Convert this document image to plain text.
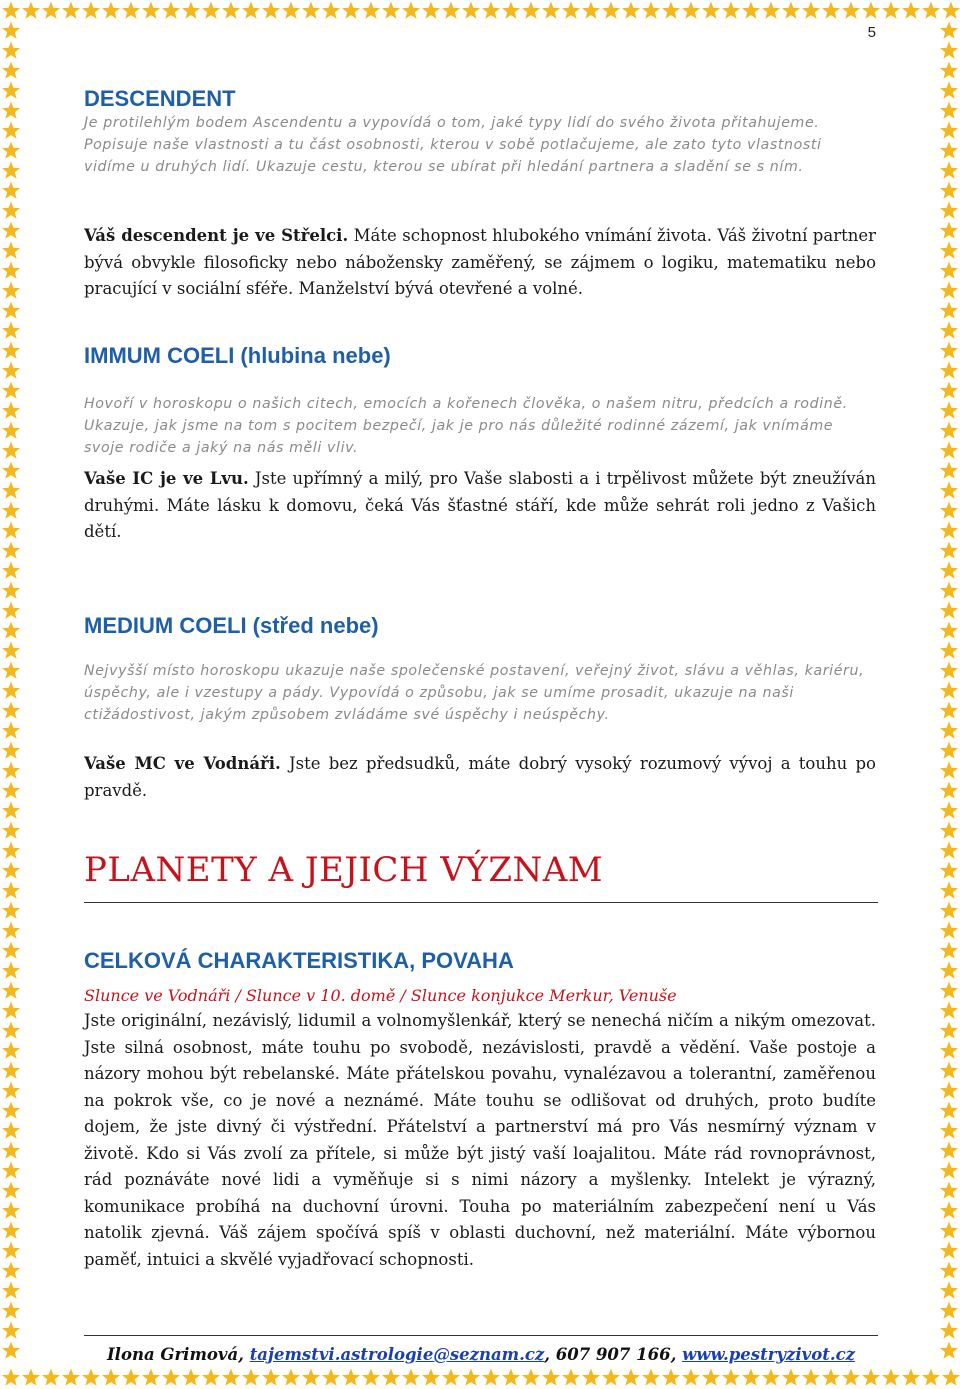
5
DESCENDENT

Je protilehlým bodem Ascendentu a vypovídá o tom, jaké typy lidí do svého života přitahujeme. Popisuje naše vlastnosti a tu část osobnosti, kterou v sobě potlačujeme, ale zato tyto vlastnosti vidíme u druhých lidí. Ukazuje cestu, kterou se ubírat při hledání partnera a sladění se s ním.

Váš descendent je ve Střelci. Máte schopnost hlubokého vnímání života. Váš životní partner bývá obvykle filosoficky nebo nábožensky zaměřený, se zájmem o logiku, matematiku nebo pracující v sociální sféře. Manželství bývá otevřené a volné.

IMMUM COELI (hlubina nebe)

Hovoří v horoskopu o našich citech, emocích a kořenech člověka, o našem nitru, předcích a rodině. Ukazuje, jak jsme na tom s pocitem bezpečí, jak je pro nás důležité rodinné zázemí, jak vnímáme svoje rodiče a jaký na nás měli vliv.

Vaše IC je ve Lvu. Jste upřímný a milý, pro Vaše slabosti a i trpělivost můžete být zneužíván druhými. Máte lásku k domovu, čeká Vás šťastné stáří, kde může sehrát roli jedno z Vašich dětí.

MEDIUM COELI (střed nebe)

Nejvyšší místo horoskopu ukazuje naše společenské postavení, veřejný život, slávu a věhlas, kariéru, úspěchy, ale i vzestupy a pády. Vypovídá o způsobu, jak se umíme prosadit, ukazuje na naši ctižádostivost, jakým způsobem zvládáme své úspěchy i neúspěchy.

Vaše MC ve Vodnáři. Jste bez předsudků, máte dobrý vysoký rozumový vývoj a touhu po pravdě.

PLANETY A JEJICH VÝZNAM
CELKOVÁ CHARAKTERISTIKA, POVAHA

Slunce ve Vodnáři / Slunce v 10. domě / Slunce konjukce Merkur, Venuše

Jste originální, nezávislý, lidumil a volnomyšlenkář, který se nenechá ničím a nikým omezovat. Jste silná osobnost, máte touhu po svobodě, nezávislosti, pravdě a vědění. Vaše postoje a názory mohou být rebelanské. Máte přátelskou povahu, vynalézavou a tolerantní, zaměřenou na pokrok vše, co je nové a neznámé. Máte touhu se odlišovat od druhých, proto budíte dojem, že jste divný či výstřední. Přátelství a partnerství má pro Vás nesmírný význam v životě. Kdo si Vás zvolí za přítele, si může být jistý vaší loajalitou. Máte rád rovnoprávnost, rád poznáváte nové lidi a vyměňuje si s nimi názory a myšlenky. Intelekt je výrazný, komunikace probíhá na duchovní úrovni. Touha po materiálním zabezpečení není u Vás natolik zjevná. Váš zájem spočívá spíš v oblasti duchovní, než materiální. Máte výbornou paměť, intuici a skvělé vyjadřovací schopnosti.

Ilona Grimová, tajemstvi.astrologie@seznam.cz, 607 907 166, www.pestryzivot.cz
